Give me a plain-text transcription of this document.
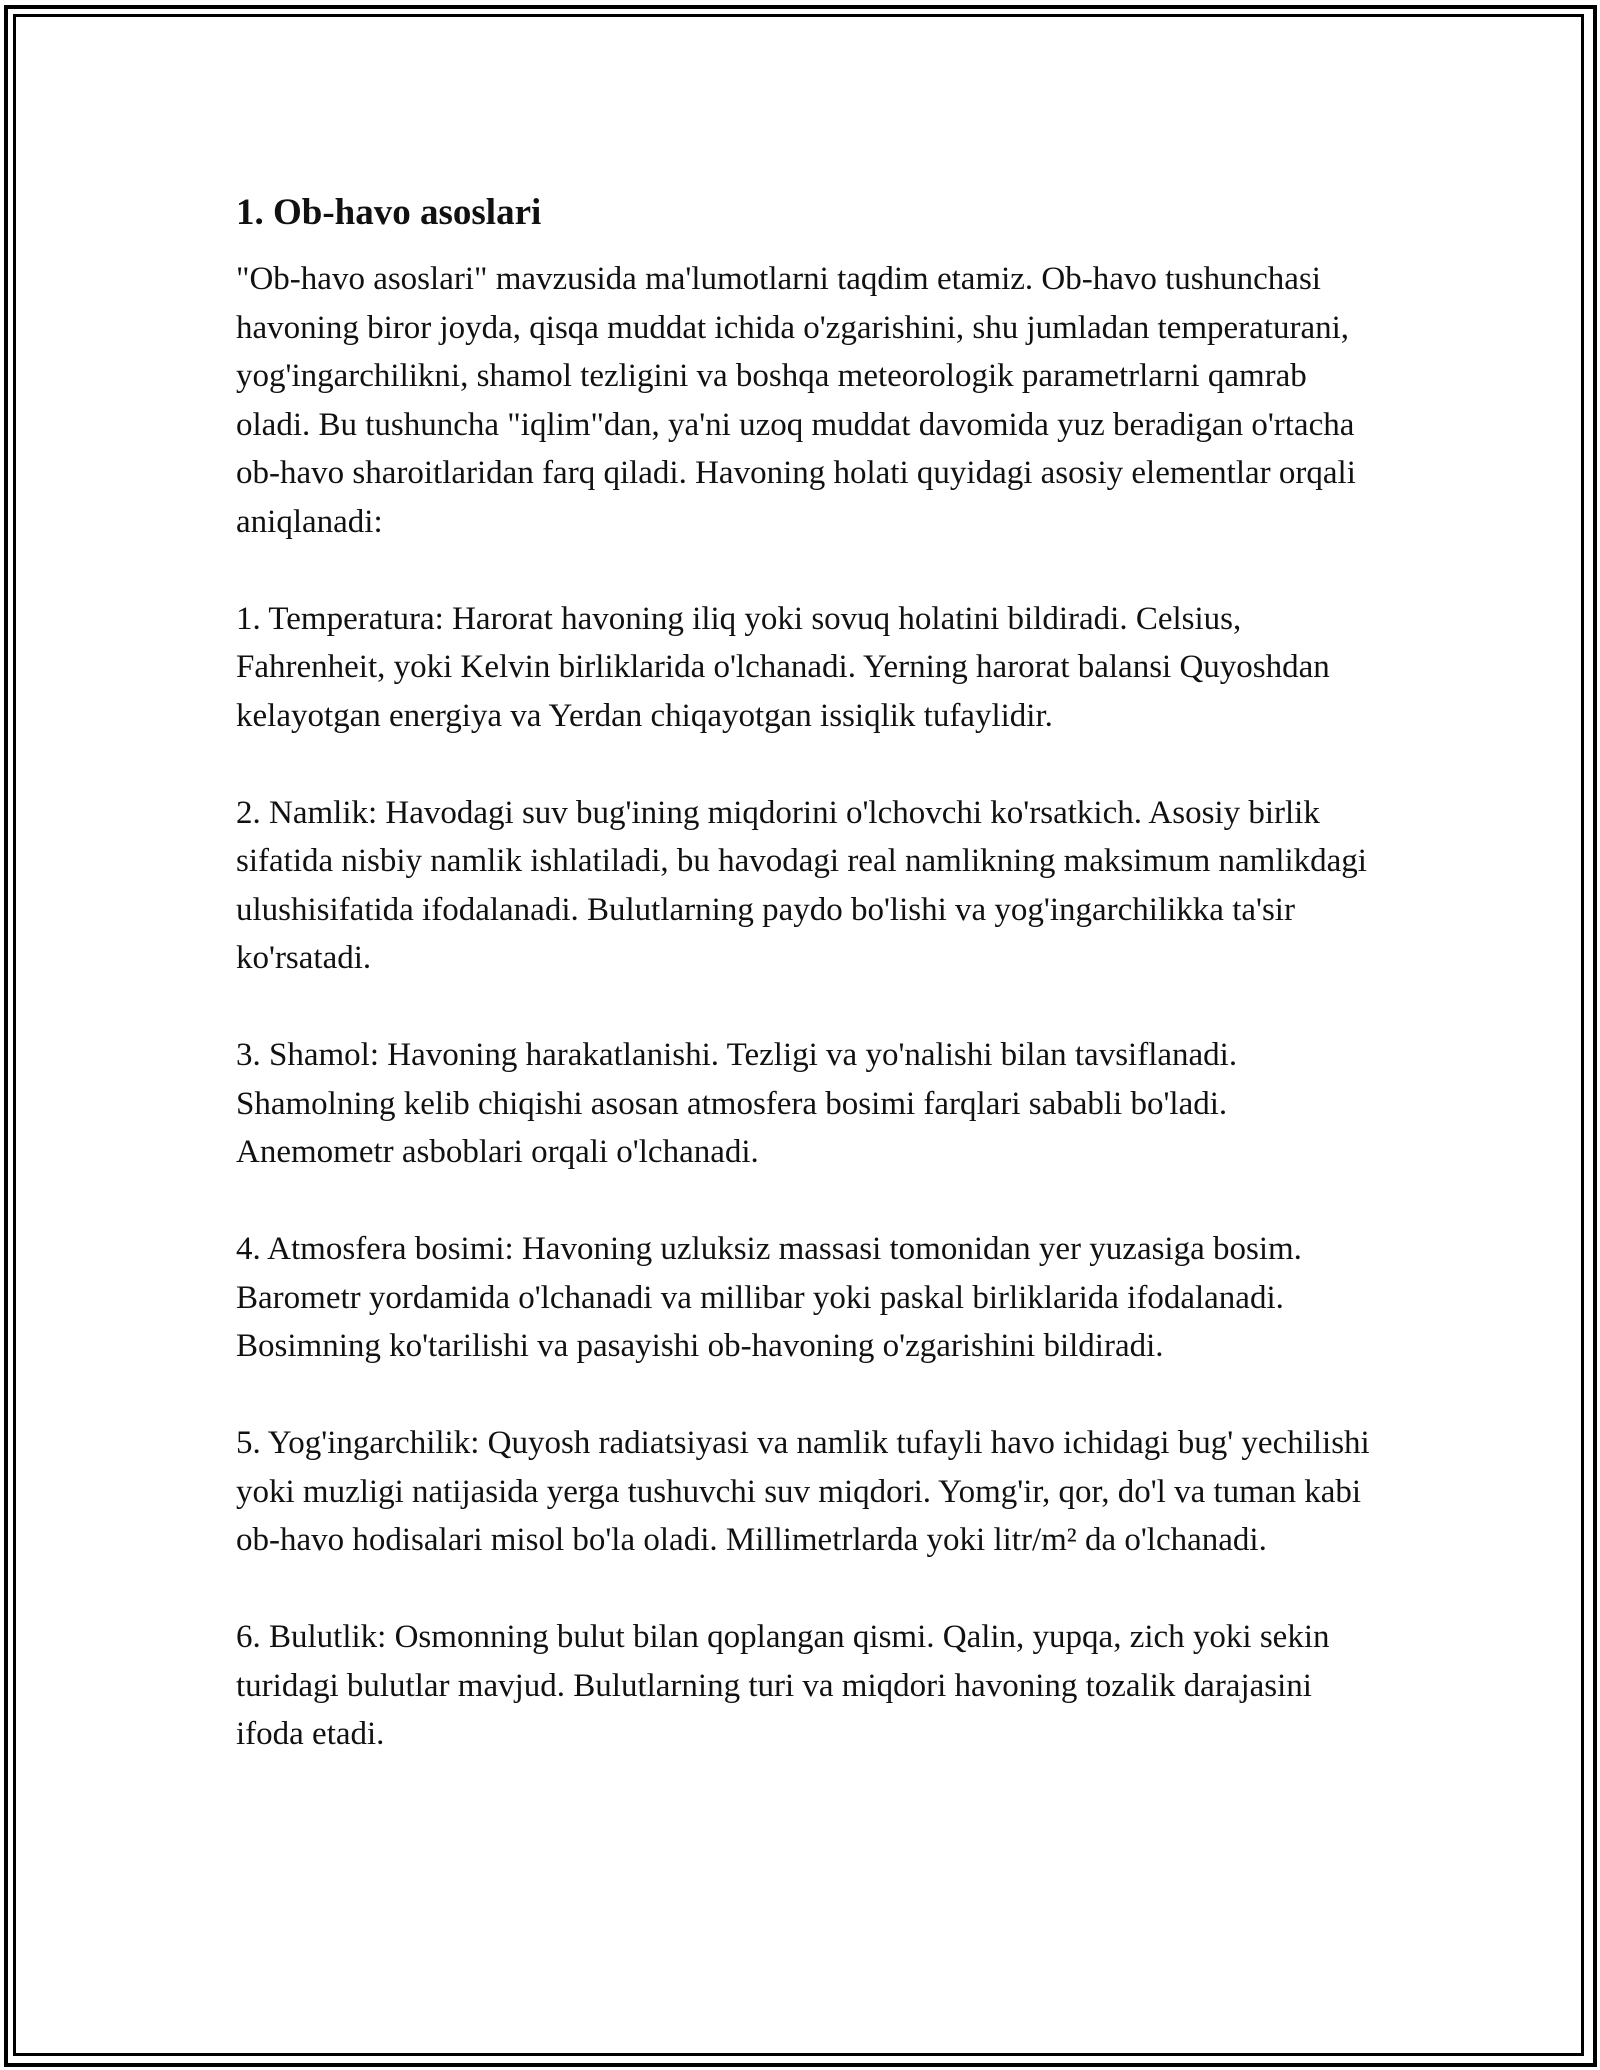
1. Ob-havo asoslari

"Ob-havo asoslari" mavzusida ma'lumotlarni taqdim etamiz. Ob-havo tushunchasi havoning biror joyda, qisqa muddat ichida o'zgarishini, shu jumladan temperaturani, yog'ingarchilikni, shamol tezligini va boshqa meteorologik parametrlarni qamrab oladi. Bu tushuncha "iqlim"dan, ya'ni uzoq muddat davomida yuz beradigan o'rtacha ob-havo sharoitlaridan farq qiladi. Havoning holati quyidagi asosiy elementlar orqali aniqlanadi:

1. Temperatura: Harorat havoning iliq yoki sovuq holatini bildiradi. Celsius, Fahrenheit, yoki Kelvin birliklarida o'lchanadi. Yerning harorat balansi Quyoshdan kelayotgan energiya va Yerdan chiqayotgan issiqlik tufaylidir.

2. Namlik: Havodagi suv bug'ining miqdorini o'lchovchi ko'rsatkich. Asosiy birlik sifatida nisbiy namlik ishlatiladi, bu havodagi real namlikning maksimum namlikdagi ulushisifatida ifodalanadi. Bulutlarning paydo bo'lishi va yog'ingarchilikka ta'sir ko'rsatadi.

3. Shamol: Havoning harakatlanishi. Tezligi va yo'nalishi bilan tavsiflanadi. Shamolning kelib chiqishi asosan atmosfera bosimi farqlari sababli bo'ladi. Anemometr asboblari orqali o'lchanadi.

4. Atmosfera bosimi: Havoning uzluksiz massasi tomonidan yer yuzasiga bosim. Barometr yordamida o'lchanadi va millibar yoki paskal birliklarida ifodalanadi. Bosimning ko'tarilishi va pasayishi ob-havoning o'zgarishini bildiradi.

5. Yog'ingarchilik: Quyosh radiatsiyasi va namlik tufayli havo ichidagi bug' yechilishi yoki muzligi natijasida yerga tushuvchi suv miqdori. Yomg'ir, qor, do'l va tuman kabi ob-havo hodisalari misol bo'la oladi. Millimetrlarda yoki litr/m² da o'lchanadi.

6. Bulutlik: Osmonning bulut bilan qoplangan qismi. Qalin, yupqa, zich yoki sekin turidagi bulutlar mavjud. Bulutlarning turi va miqdori havoning tozalik darajasini ifoda etadi.
